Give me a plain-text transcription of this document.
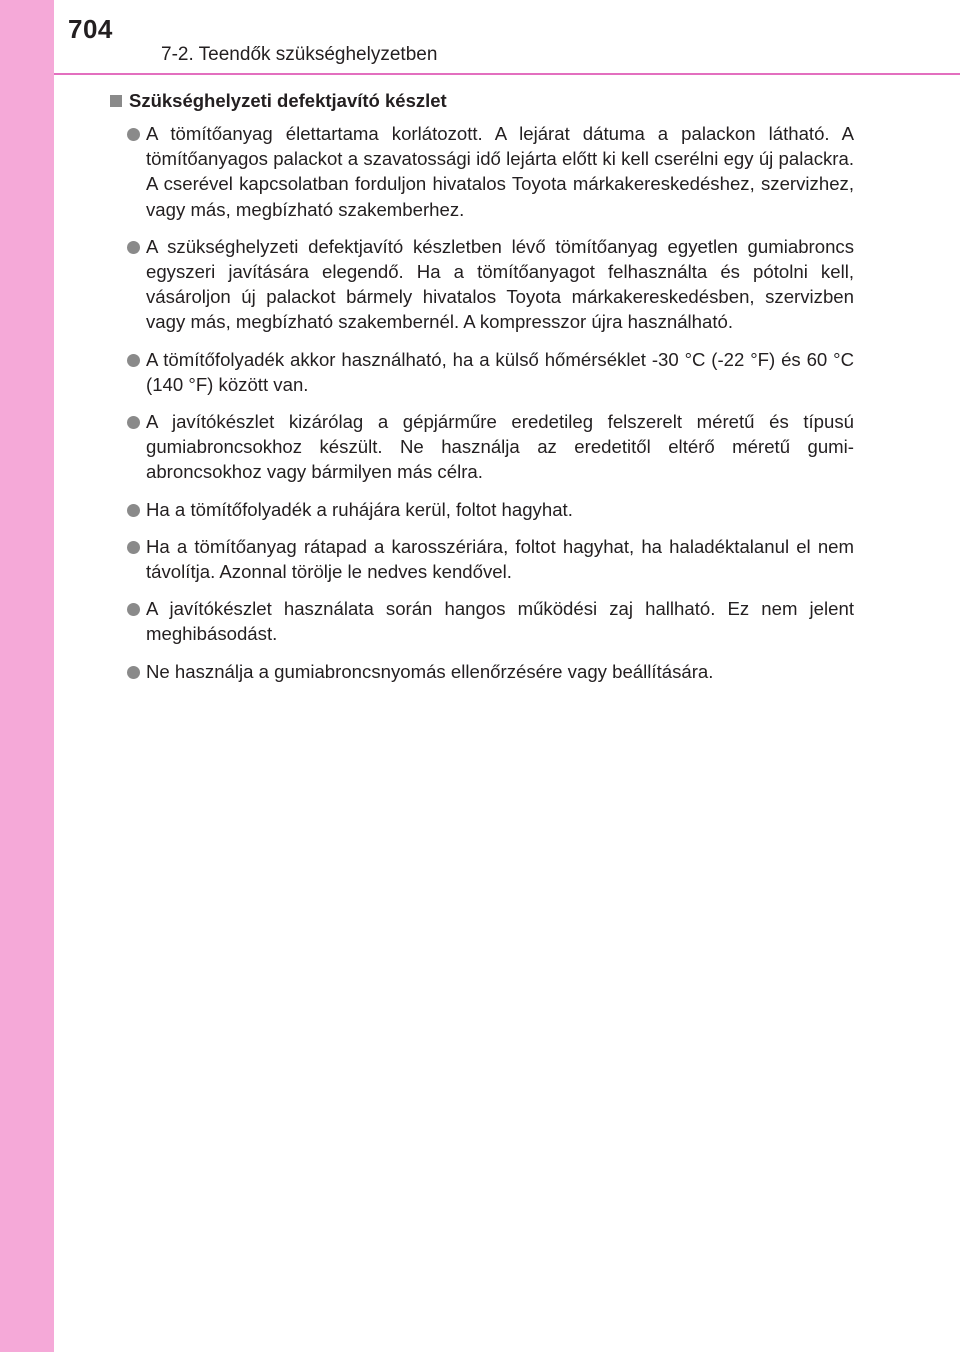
704
7-2. Teendők szükséghelyzetben
Szükséghelyzeti defektjavító készlet
A tömítőanyag élettartama korlátozott. A lejárat dátuma a palackon látható. A tömítőanyagos palackot a szavatossági idő lejárta előtt ki kell cserélni egy új palackra. A cserével kapcsolatban forduljon hivatalos Toyota márkakereskedéshez, szervizhez, vagy más, megbízható szakemberhez.
A szükséghelyzeti defektjavító készletben lévő tömítőanyag egyetlen gumiabroncs egyszeri javítására elegendő. Ha a tömítőanyagot felhasználta és pótolni kell, vásároljon új palackot bármely hivatalos Toyota márkakereskedésben, szervizben vagy más, megbízható szakembernél. A kompresszor újra használható.
A tömítőfolyadék akkor használható, ha a külső hőmérséklet -30 °C (-22 °F) és 60 °C (140 °F) között van.
A javítókészlet kizárólag a gépjárműre eredetileg felszerelt méretű és típusú gumiabroncsokhoz készült. Ne használja az eredetitől eltérő méretű gumiabroncsokhoz vagy bármilyen más célra.
Ha a tömítőfolyadék a ruhájára kerül, foltot hagyhat.
Ha a tömítőanyag rátapad a karosszériára, foltot hagyhat, ha haladéktalanul el nem távolítja. Azonnal törölje le nedves kendővel.
A javítókészlet használata során hangos működési zaj hallható. Ez nem jelent meghibásodást.
Ne használja a gumiabroncsnyomás ellenőrzésére vagy beállítására.
